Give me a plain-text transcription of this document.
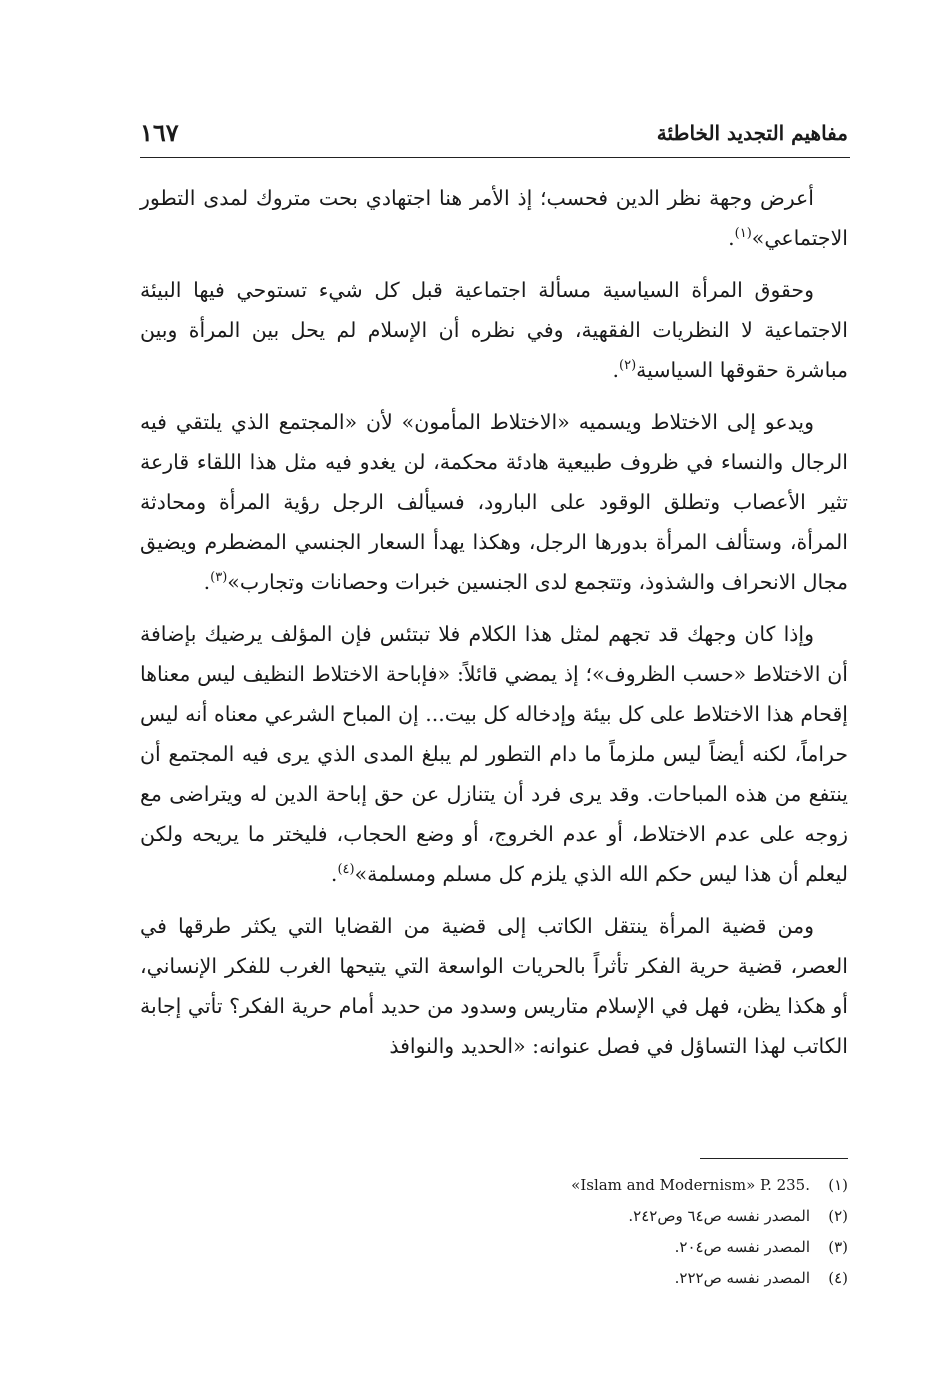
مفاهيم التجديد الخاطئة
١٦٧

أعرض وجهة نظر الدين فحسب؛ إذ الأمر هنا اجتهادي بحت متروك لمدى التطور الاجتماعي»$^{(١)}$.

وحقوق المرأة السياسية مسألة اجتماعية قبل كل شيء تستوحي فيها البيئة الاجتماعية لا النظريات الفقهية، وفي نظره أن الإسلام لم يحل بين المرأة وبين مباشرة حقوقها السياسية$^{(٢)}$.

ويدعو إلى الاختلاط ويسميه «الاختلاط المأمون» لأن «المجتمع الذي يلتقي فيه الرجال والنساء في ظروف طبيعية هادئة محكمة، لن يغدو فيه مثل هذا اللقاء قارعة تثير الأعصاب وتطلق الوقود على البارود، فسيألف الرجل رؤية المرأة ومحادثة المرأة، وستألف المرأة بدورها الرجل، وهكذا يهدأ السعار الجنسي المضطرم ويضيق مجال الانحراف والشذوذ، وتتجمع لدى الجنسين خبرات وحصانات وتجارب»$^{(٣)}$.

وإذا كان وجهك قد تجهم لمثل هذا الكلام فلا تبتئس فإن المؤلف يرضيك بإضافة أن الاختلاط «حسب الظروف»؛ إذ يمضي قائلاً: «فإباحة الاختلاط النظيف ليس معناها إقحام هذا الاختلاط على كل بيئة وإدخاله كل بيت... إن المباح الشرعي معناه أنه ليس حراماً، لكنه أيضاً ليس ملزماً ما دام التطور لم يبلغ المدى الذي يرى فيه المجتمع أن ينتفع من هذه المباحات. وقد يرى فرد أن يتنازل عن حق إباحة الدين له ويتراضى مع زوجه على عدم الاختلاط، أو عدم الخروج، أو وضع الحجاب، فليختر ما يريحه ولكن ليعلم أن هذا ليس حكم الله الذي يلزم كل مسلم ومسلمة»$^{(٤)}$.

ومن قضية المرأة ينتقل الكاتب إلى قضية من القضايا التي يكثر طرقها في العصر، قضية حرية الفكر تأثراً بالحريات الواسعة التي يتيحها الغرب للفكر الإنساني، أو هكذا يظن، فهل في الإسلام متاريس وسدود من حديد أمام حرية الفكر؟ تأتي إجابة الكاتب لهذا التساؤل في فصل عنوانه: «الحديد والنوافذ

(١)
«Islam and Modernism» P. 235.
(٢)
المصدر نفسه ص٦٤ وص٢٤٢.
(٣)
المصدر نفسه ص٢٠٤.
(٤)
المصدر نفسه ص٢٢٢.
